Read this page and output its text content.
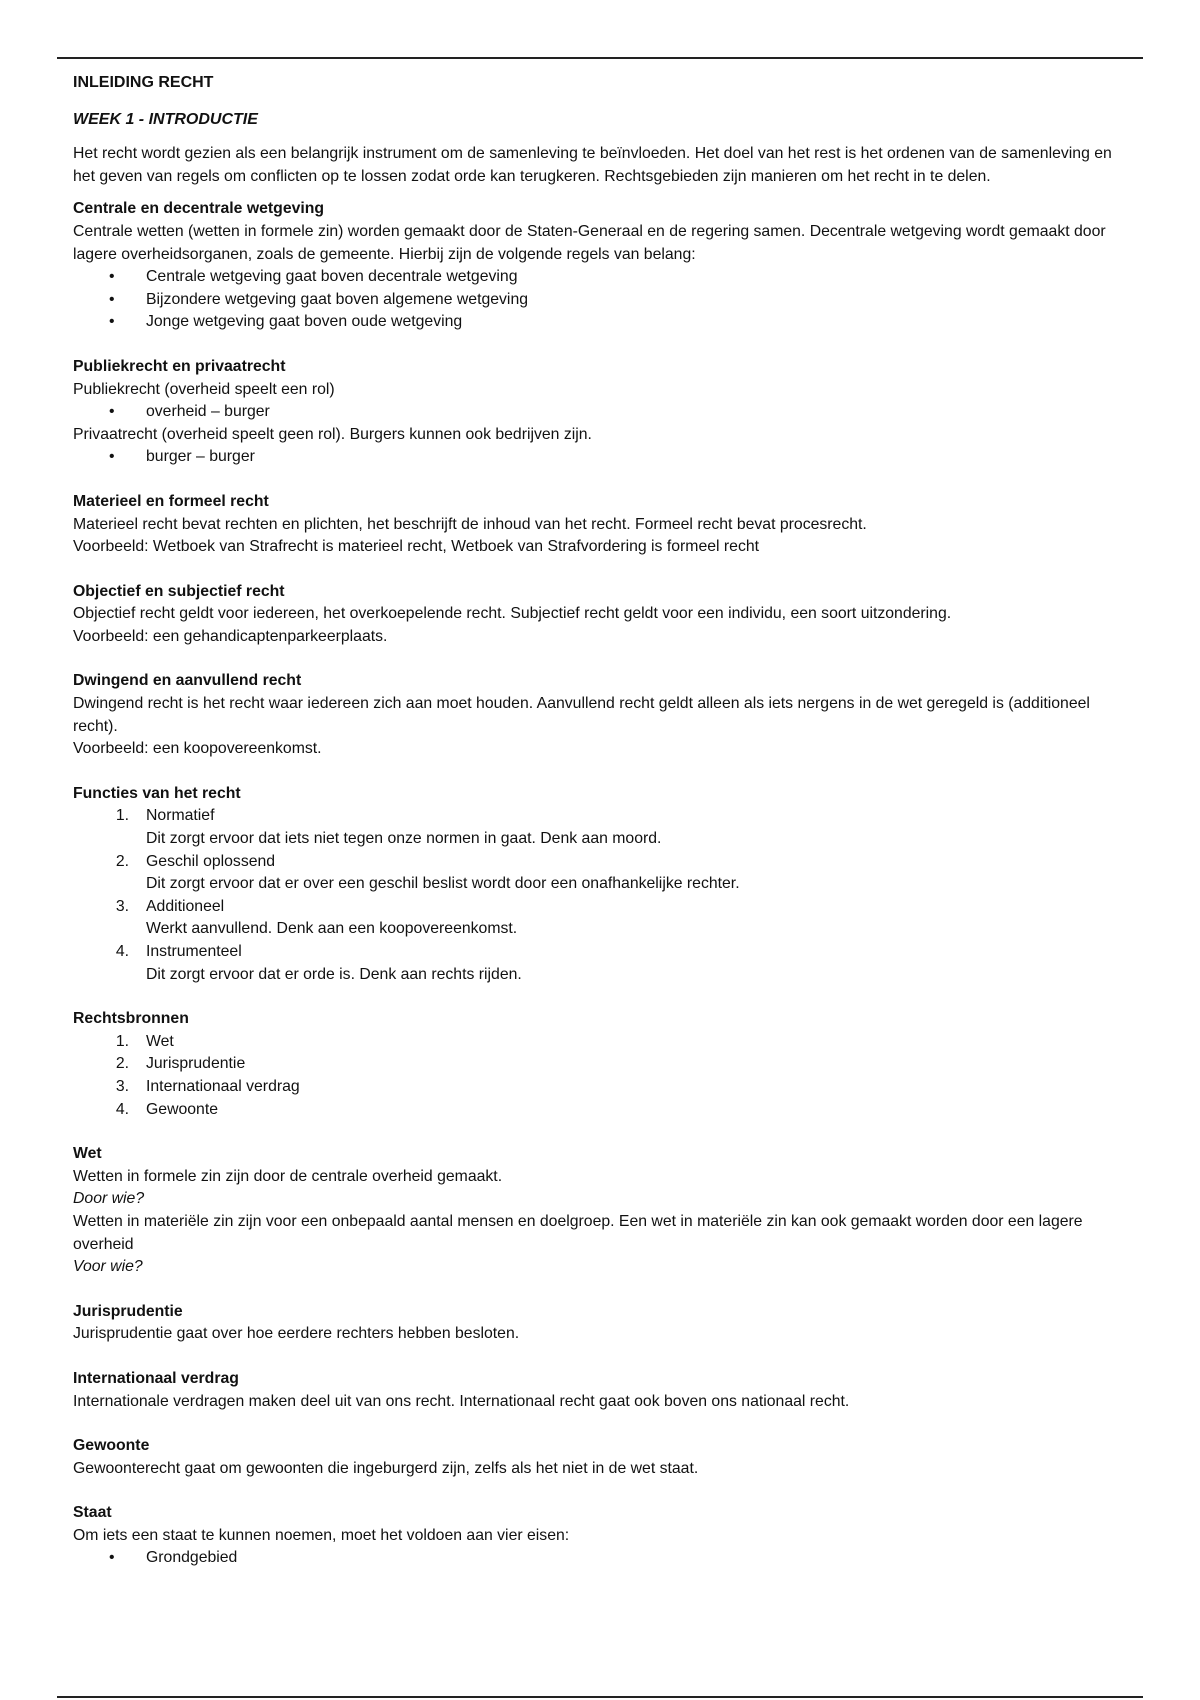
INLEIDING RECHT
WEEK 1 - INTRODUCTIE

Het recht wordt gezien als een belangrijk instrument om de samenleving te beïnvloeden. Het doel van het rest is het ordenen van de samenleving en het geven van regels om conflicten op te lossen zodat orde kan terugkeren. Rechtsgebieden zijn manieren om het recht in te delen.

Centrale en decentrale wetgeving

Centrale wetten (wetten in formele zin) worden gemaakt door de Staten-Generaal en de regering samen. Decentrale wetgeving wordt gemaakt door lagere overheidsorganen, zoals de gemeente. Hierbij zijn de volgende regels van belang:

• Centrale wetgeving gaat boven decentrale wetgeving
• Bijzondere wetgeving gaat boven algemene wetgeving
• Jonge wetgeving gaat boven oude wetgeving
Publiekrecht en privaatrecht

Publiekrecht (overheid speelt een rol)

• overheid – burger

Privaatrecht (overheid speelt geen rol). Burgers kunnen ook bedrijven zijn.

• burger – burger
Materieel en formeel recht

Materieel recht bevat rechten en plichten, het beschrijft de inhoud van het recht. Formeel recht bevat procesrecht.

Voorbeeld: Wetboek van Strafrecht is materieel recht, Wetboek van Strafvordering is formeel recht

Objectief en subjectief recht

Objectief recht geldt voor iedereen, het overkoepelende recht. Subjectief recht geldt voor een individu, een soort uitzondering.

Voorbeeld: een gehandicaptenparkeerplaats.

Dwingend en aanvullend recht

Dwingend recht is het recht waar iedereen zich aan moet houden. Aanvullend recht geldt alleen als iets nergens in de wet geregeld is (additioneel recht).

Voorbeeld: een koopovereenkomst.

Functies van het recht
1. Normatief
Dit zorgt ervoor dat iets niet tegen onze normen in gaat. Denk aan moord.
2. Geschil oplossend
Dit zorgt ervoor dat er over een geschil beslist wordt door een onafhankelijke rechter.
3. Additioneel
Werkt aanvullend. Denk aan een koopovereenkomst.
4. Instrumenteel
Dit zorgt ervoor dat er orde is. Denk aan rechts rijden.
Rechtsbronnen
1. Wet
2. Jurisprudentie
3. Internationaal verdrag
4. Gewoonte
Wet

Wetten in formele zin zijn door de centrale overheid gemaakt.

Door wie?

Wetten in materiële zin zijn voor een onbepaald aantal mensen en doelgroep. Een wet in materiële zin kan ook gemaakt worden door een lagere overheid

Voor wie?

Jurisprudentie

Jurisprudentie gaat over hoe eerdere rechters hebben besloten.

Internationaal verdrag

Internationale verdragen maken deel uit van ons recht. Internationaal recht gaat ook boven ons nationaal recht.

Gewoonte

Gewoonterecht gaat om gewoonten die ingeburgerd zijn, zelfs als het niet in de wet staat.

Staat

Om iets een staat te kunnen noemen, moet het voldoen aan vier eisen:

• Grondgebied
